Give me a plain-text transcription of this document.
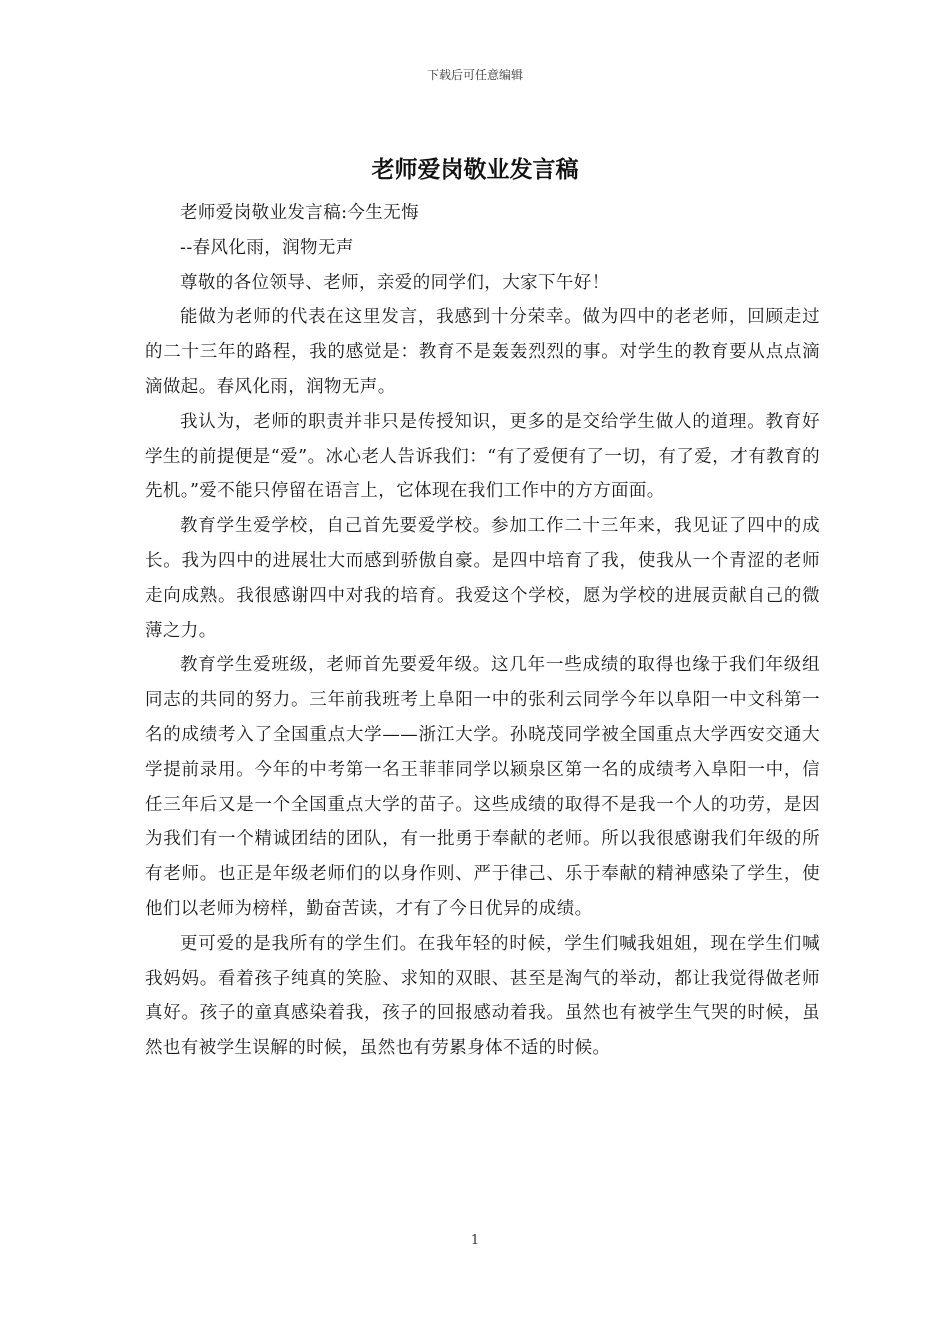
下载后可任意编辑
老师爱岗敬业发言稿

老师爱岗敬业发言稿:今生无悔

--春风化雨，润物无声

尊敬的各位领导、老师，亲爱的同学们，大家下午好！

能做为老师的代表在这里发言，我感到十分荣幸。做为四中的老老师，回顾走过的二十三年的路程，我的感觉是：教育不是轰轰烈烈的事。对学生的教育要从点点滴滴做起。春风化雨，润物无声。

我认为，老师的职责并非只是传授知识，更多的是交给学生做人的道理。教育好学生的前提便是“爱”。冰心老人告诉我们：“有了爱便有了一切，有了爱，才有教育的先机。”爱不能只停留在语言上，它体现在我们工作中的方方面面。

教育学生爱学校，自己首先要爱学校。参加工作二十三年来，我见证了四中的成长。我为四中的进展壮大而感到骄傲自豪。是四中培育了我，使我从一个青涩的老师走向成熟。我很感谢四中对我的培育。我爱这个学校，愿为学校的进展贡献自己的微薄之力。

教育学生爱班级，老师首先要爱年级。这几年一些成绩的取得也缘于我们年级组同志的共同的努力。三年前我班考上阜阳一中的张利云同学今年以阜阳一中文科第一名的成绩考入了全国重点大学——浙江大学。孙晓茂同学被全国重点大学西安交通大学提前录用。今年的中考第一名王菲菲同学以颍泉区第一名的成绩考入阜阳一中，信任三年后又是一个全国重点大学的苗子。这些成绩的取得不是我一个人的功劳，是因为我们有一个精诚团结的团队，有一批勇于奉献的老师。所以我很感谢我们年级的所有老师。也正是年级老师们的以身作则、严于律己、乐于奉献的精神感染了学生，使他们以老师为榜样，勤奋苦读，才有了今日优异的成绩。

更可爱的是我所有的学生们。在我年轻的时候，学生们喊我姐姐，现在学生们喊我妈妈。看着孩子纯真的笑脸、求知的双眼、甚至是淘气的举动，都让我觉得做老师真好。孩子的童真感染着我，孩子的回报感动着我。虽然也有被学生气哭的时候，虽然也有被学生误解的时候，虽然也有劳累身体不适的时候。

1
